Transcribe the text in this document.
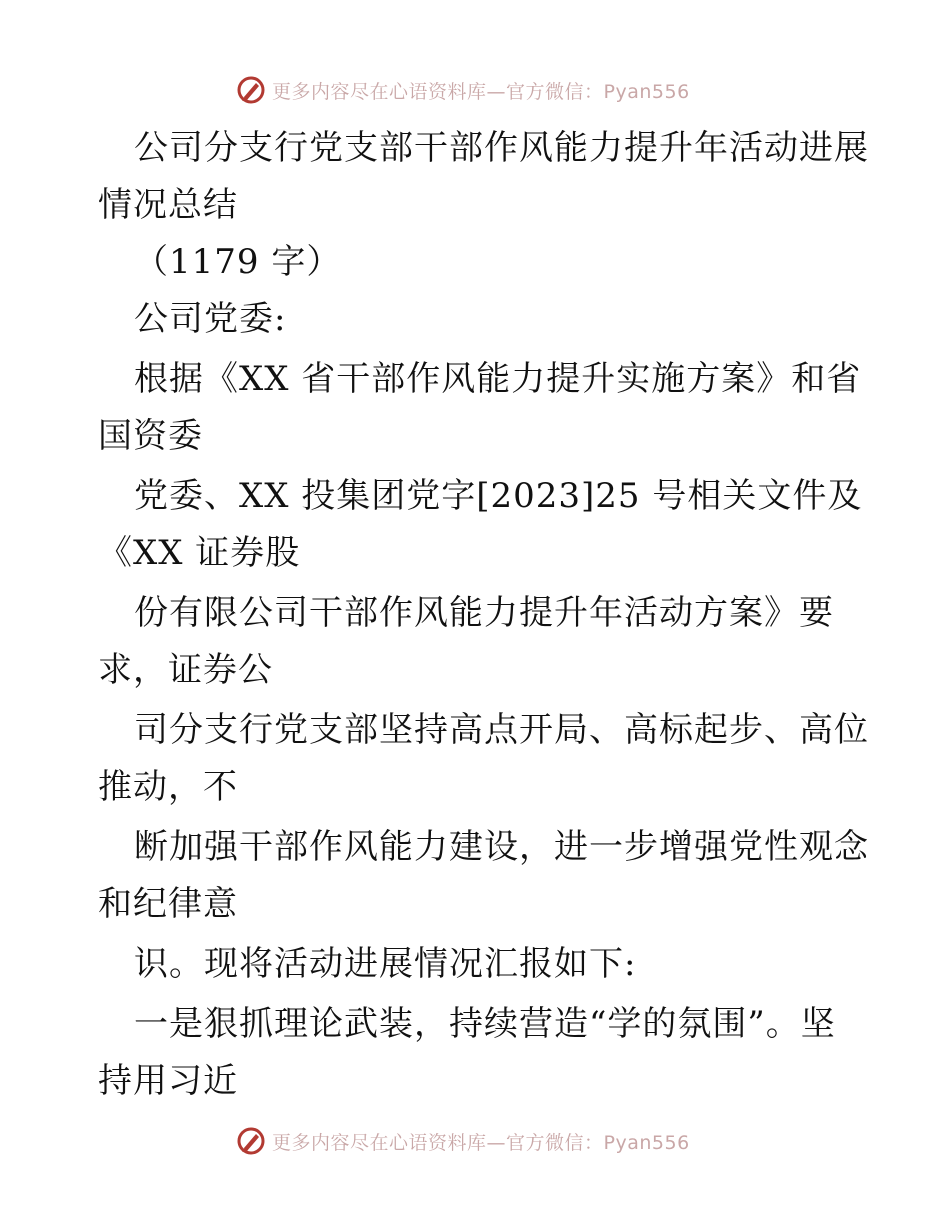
更多内容尽在心语资料库—官方微信：Pyan556
公司分支行党支部干部作风能力提升年活动进展
情况总结
（1179 字）
公司党委:
根据《XX 省干部作风能力提升实施方案》和省
国资委
党委、XX 投集团党字[2023]25 号相关文件及
《XX 证券股
份有限公司干部作风能力提升年活动方案》要
求，证券公
司分支行党支部坚持高点开局、高标起步、高位
推动，不
断加强干部作风能力建设，进一步增强党性观念
和纪律意
识。现将活动进展情况汇报如下:
一是狠抓理论武装，持续营造“学的氛围”。坚
持用习近
更多内容尽在心语资料库—官方微信：Pyan556
